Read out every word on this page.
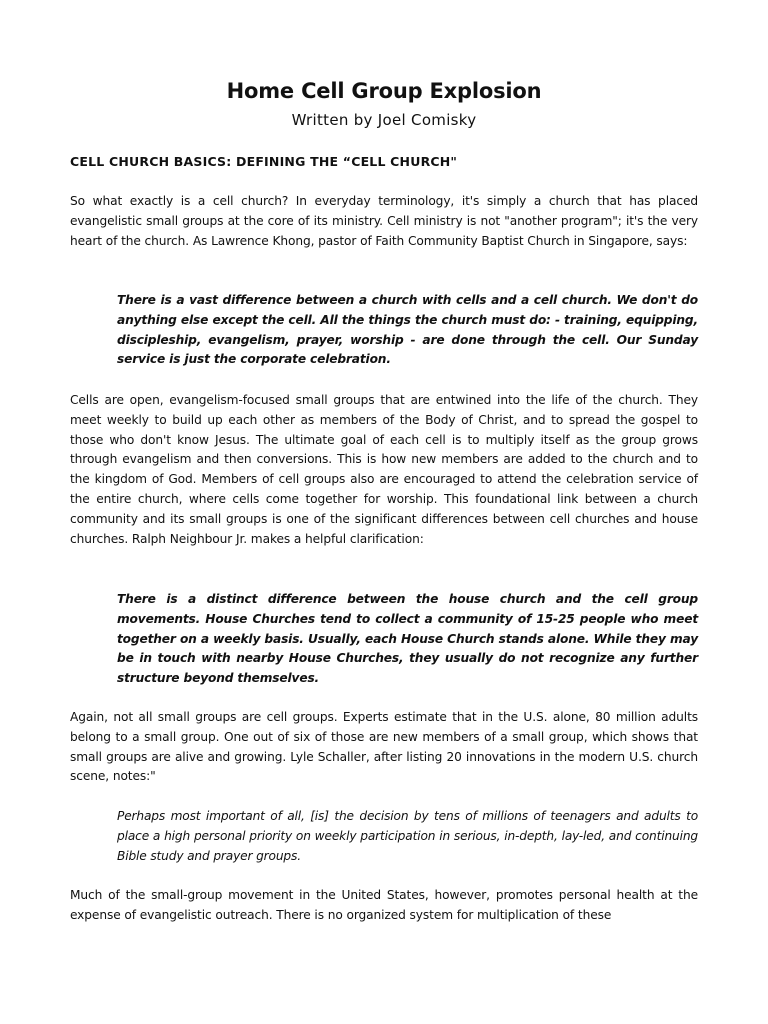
Home Cell Group Explosion
Written by Joel Comisky
CELL CHURCH BASICS: DEFINING THE “CELL CHURCH"
So what exactly is a cell church? In everyday terminology, it's simply a church that has placed evangelistic small groups at the core of its ministry. Cell ministry is not "another program"; it's the very heart of the church. As Lawrence Khong, pastor of Faith Community Baptist Church in Singapore, says:
There is a vast difference between a church with cells and a cell church. We don't do anything else except the cell. All the things the church must do: - training, equipping, discipleship, evangelism, prayer, worship - are done through the cell. Our Sunday service is just the corporate celebration.
Cells are open, evangelism-focused small groups that are entwined into the life of the church. They meet weekly to build up each other as members of the Body of Christ, and to spread the gospel to those who don't know Jesus. The ultimate goal of each cell is to multiply itself as the group grows through evangelism and then conversions. This is how new members are added to the church and to the kingdom of God. Members of cell groups also are encouraged to attend the celebration service of the entire church, where cells come together for worship. This foundational link between a church community and its small groups is one of the significant differences between cell churches and house churches. Ralph Neighbour Jr. makes a helpful clarification:
There is a distinct difference between the house church and the cell group movements. House Churches tend to collect a community of 15-25 people who meet together on a weekly basis. Usually, each House Church stands alone. While they may be in touch with nearby House Churches, they usually do not recognize any further structure beyond themselves.
Again, not all small groups are cell groups. Experts estimate that in the U.S. alone, 80 million adults belong to a small group. One out of six of those are new members of a small group, which shows that small groups are alive and growing. Lyle Schaller, after listing 20 innovations in the modern U.S. church scene, notes:"
Perhaps most important of all, [is] the decision by tens of millions of teenagers and adults to place a high personal priority on weekly participation in serious, in-depth, lay-led, and continuing Bible study and prayer groups.
Much of the small-group movement in the United States, however, promotes personal health at the expense of evangelistic outreach. There is no organized system for multiplication of these
